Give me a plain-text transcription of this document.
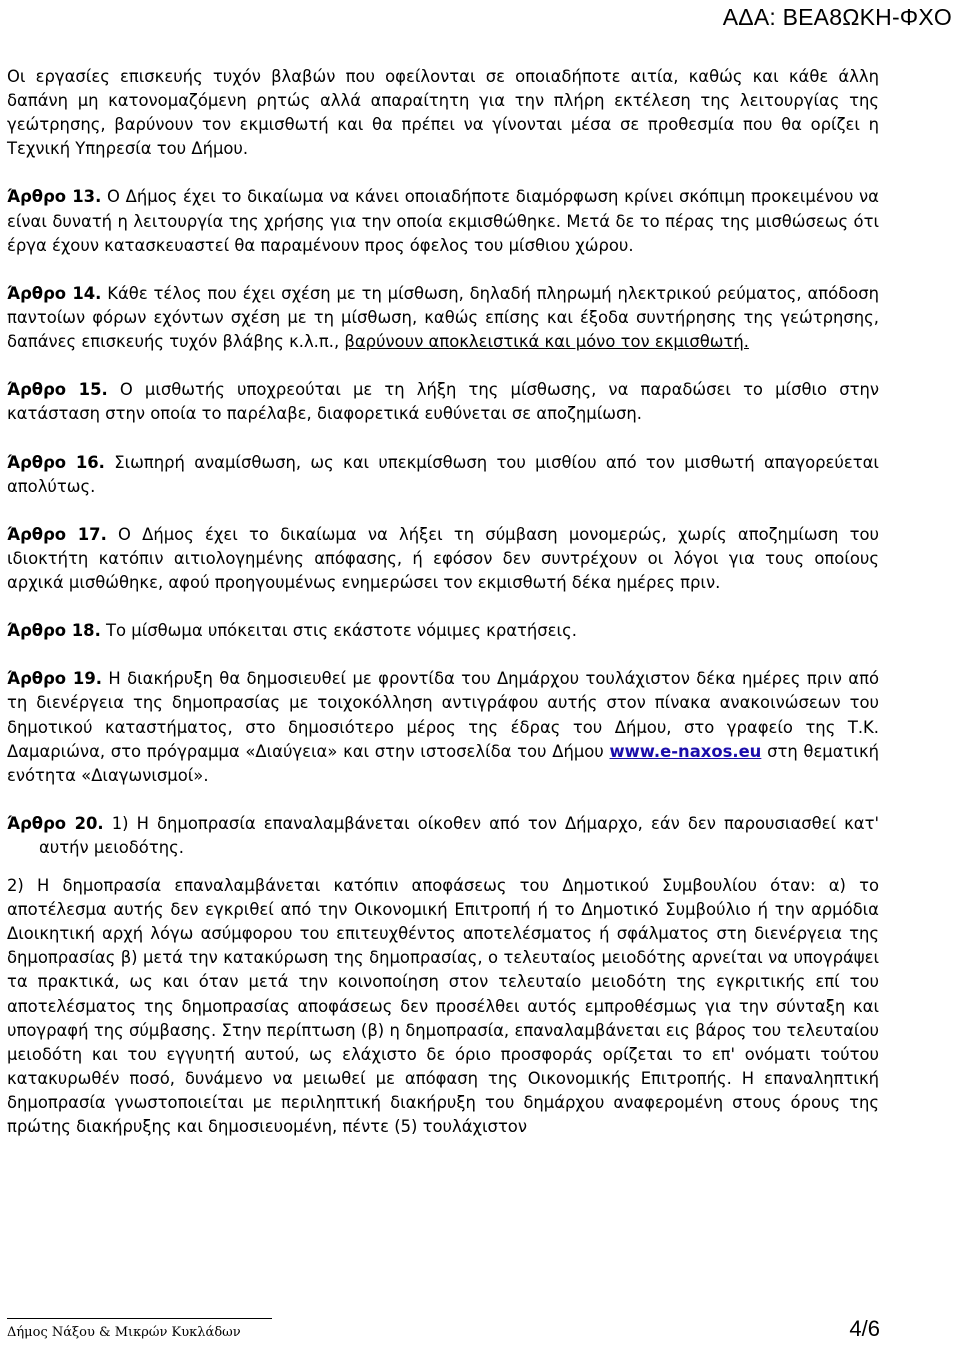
ΑΔΑ: ΒΕΑ8ΩΚΗ-ΦΧΟ

Οι εργασίες επισκευής τυχόν βλαβών που οφείλονται σε οποιαδήποτε αιτία, καθώς και κάθε άλλη δαπάνη μη κατονομαζόμενη ρητώς αλλά απαραίτητη για την πλήρη εκτέλεση της λειτουργίας της γεώτρησης, βαρύνουν τον εκμισθωτή και θα πρέπει να γίνονται μέσα σε προθεσμία που θα ορίζει η Τεχνική Υπηρεσία του Δήμου.

Άρθρο 13. Ο Δήμος έχει το δικαίωμα να κάνει οποιαδήποτε διαμόρφωση κρίνει σκόπιμη προκειμένου να είναι δυνατή η λειτουργία της χρήσης για την οποία εκμισθώθηκε. Μετά δε το πέρας της μισθώσεως ότι έργα έχουν κατασκευαστεί θα παραμένουν προς όφελος του μίσθιου χώρου.

Άρθρο 14. Κάθε τέλος που έχει σχέση με τη μίσθωση, δηλαδή πληρωμή ηλεκτρικού ρεύματος, απόδοση παντοίων φόρων εχόντων σχέση με τη μίσθωση, καθώς επίσης και έξοδα συντήρησης της γεώτρησης, δαπάνες επισκευής τυχόν βλάβης κ.λ.π., βαρύνουν αποκλειστικά και μόνο τον εκμισθωτή.

Άρθρο 15. Ο μισθωτής υποχρεούται με τη λήξη της μίσθωσης, να παραδώσει το μίσθιο στην κατάσταση στην οποία το παρέλαβε, διαφορετικά ευθύνεται σε αποζημίωση.

Άρθρο 16. Σιωπηρή αναμίσθωση, ως και υπεκμίσθωση του μισθίου από τον μισθωτή απαγορεύεται απολύτως.

Άρθρο 17. Ο Δήμος έχει το δικαίωμα να λήξει τη σύμβαση μονομερώς, χωρίς αποζημίωση του ιδιοκτήτη κατόπιν αιτιολογημένης απόφασης, ή εφόσον δεν συντρέχουν οι λόγοι για τους οποίους αρχικά μισθώθηκε, αφού προηγουμένως ενημερώσει τον εκμισθωτή δέκα ημέρες πριν.

Άρθρο 18. Το μίσθωμα υπόκειται στις εκάστοτε νόμιμες κρατήσεις.

Άρθρο 19. Η διακήρυξη θα δημοσιευθεί με φροντίδα του Δημάρχου τουλάχιστον δέκα ημέρες πριν από τη διενέργεια της δημοπρασίας με τοιχοκόλληση αντιγράφου αυτής στον πίνακα ανακοινώσεων του δημοτικού καταστήματος, στο δημοσιότερο μέρος της έδρας του Δήμου, στο γραφείο της Τ.Κ. Δαμαριώνα, στο πρόγραμμα «Διαύγεια» και στην ιστοσελίδα του Δήμου www.e-naxos.eu στη θεματική ενότητα «Διαγωνισμοί».

Άρθρο 20. 1) Η δημοπρασία επαναλαμβάνεται οίκοθεν από τον Δήμαρχο, εάν δεν παρουσιασθεί κατ' αυτήν μειοδότης.

2) Η δημοπρασία επαναλαμβάνεται κατόπιν αποφάσεως του Δημοτικού Συμβουλίου όταν: α) το αποτέλεσμα αυτής δεν εγκριθεί από την Οικονομική Επιτροπή ή το Δημοτικό Συμβούλιο ή την αρμόδια Διοικητική αρχή λόγω ασύμφορου του επιτευχθέντος αποτελέσματος ή σφάλματος στη διενέργεια της δημοπρασίας β) μετά την κατακύρωση της δημοπρασίας, ο τελευταίος μειοδότης αρνείται να υπογράψει τα πρακτικά, ως και όταν μετά την κοινοποίηση στον τελευταίο μειοδότη της εγκριτικής επί του αποτελέσματος της δημοπρασίας αποφάσεως δεν προσέλθει αυτός εμπροθέσμως για την σύνταξη και υπογραφή της σύμβασης. Στην περίπτωση (β) η δημοπρασία, επαναλαμβάνεται εις βάρος του τελευταίου μειοδότη και του εγγυητή αυτού, ως ελάχιστο δε όριο προσφοράς ορίζεται το επ' ονόματι τούτου κατακυρωθέν ποσό, δυνάμενο να μειωθεί με απόφαση της Οικονομικής Επιτροπής. Η επαναληπτική δημοπρασία γνωστοποιείται με περιληπτική διακήρυξη του δημάρχου αναφερομένη στους όρους της πρώτης διακήρυξης και δημοσιευομένη, πέντε (5) τουλάχιστον

Δήμος Νάξου & Μικρών Κυκλάδων	4/6
